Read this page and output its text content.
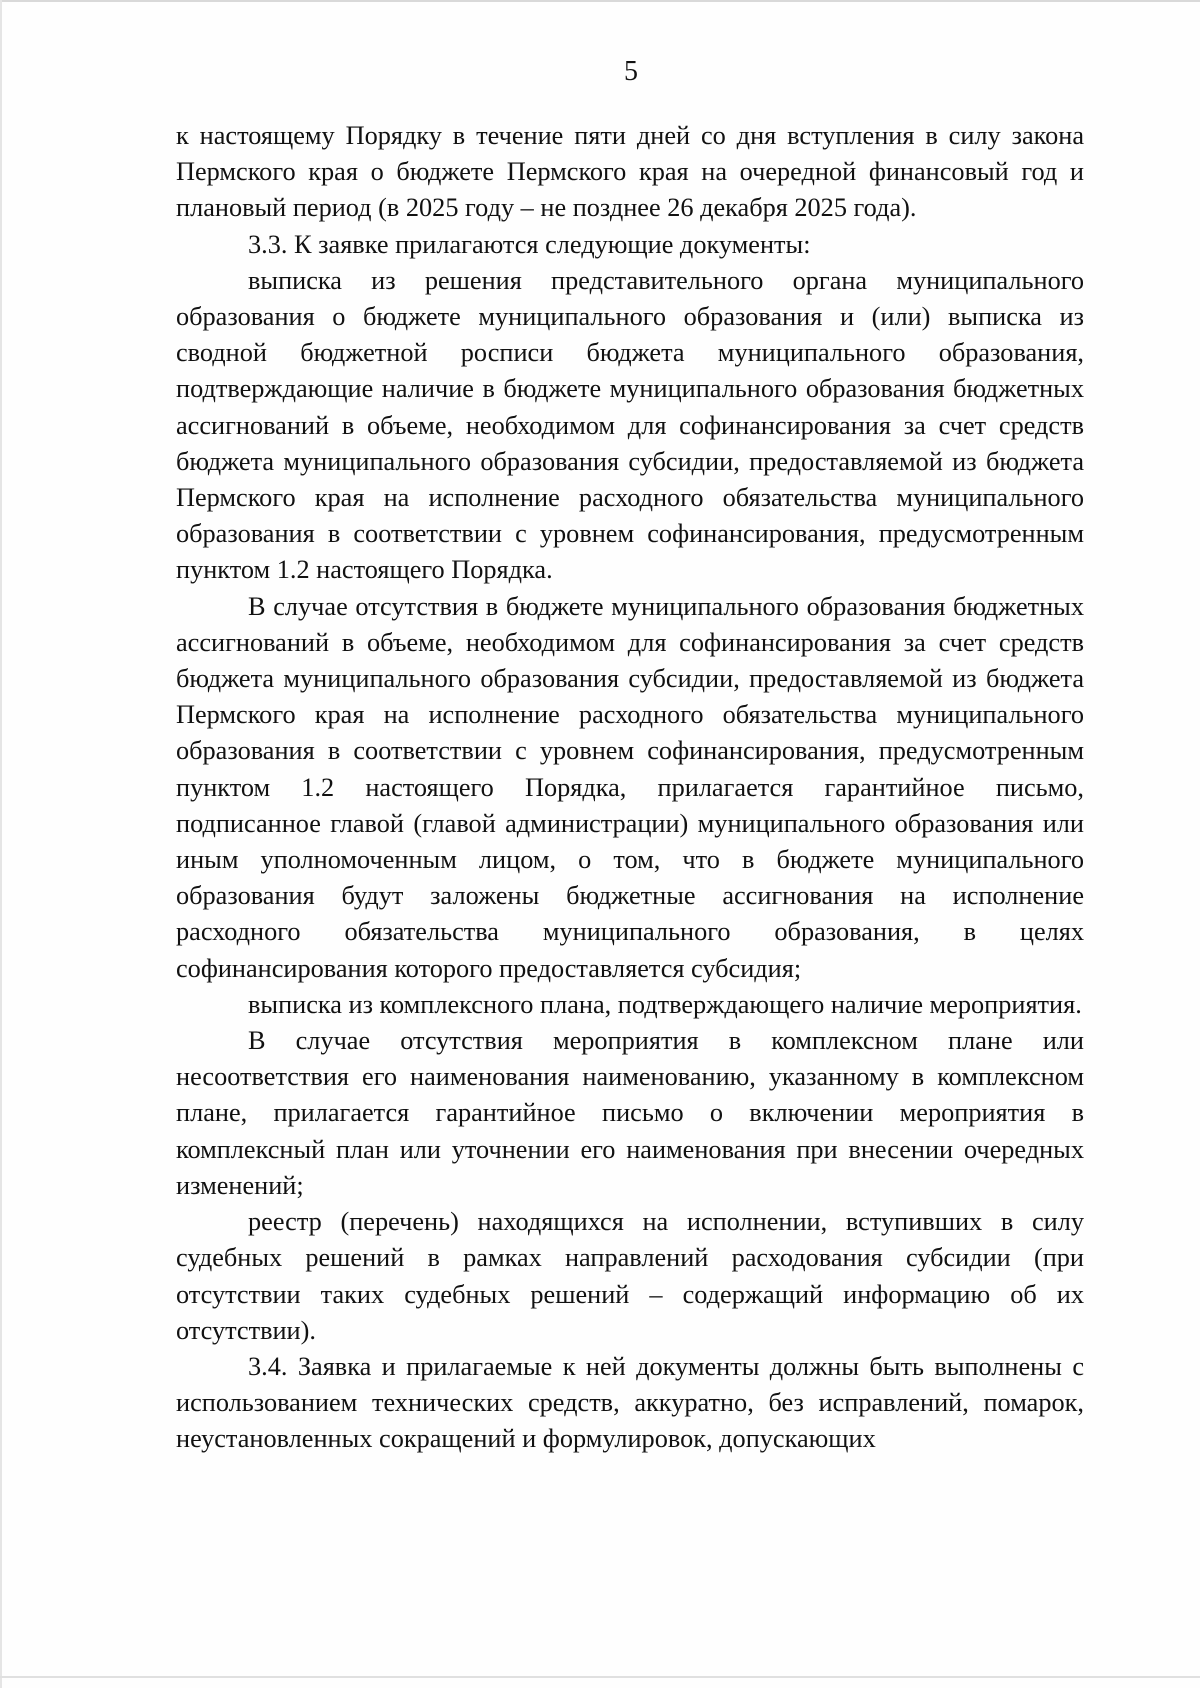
5

к настоящему Порядку в течение пяти дней со дня вступления в силу закона Пермского края о бюджете Пермского края на очередной финансовый год и плановый период (в 2025 году – не позднее 26 декабря 2025 года).

3.3. К заявке прилагаются следующие документы:

выписка из решения представительного органа муниципального образования о бюджете муниципального образования и (или) выписка из сводной бюджетной росписи бюджета муниципального образования, подтверждающие наличие в бюджете муниципального образования бюджетных ассигнований в объеме, необходимом для софинансирования за счет средств бюджета муниципального образования субсидии, предоставляемой из бюджета Пермского края на исполнение расходного обязательства муниципального образования в соответствии с уровнем софинансирования, предусмотренным пунктом 1.2 настоящего Порядка.

В случае отсутствия в бюджете муниципального образования бюджетных ассигнований в объеме, необходимом для софинансирования за счет средств бюджета муниципального образования субсидии, предоставляемой из бюджета Пермского края на исполнение расходного обязательства муниципального образования в соответствии с уровнем софинансирования, предусмотренным пунктом 1.2 настоящего Порядка, прилагается гарантийное письмо, подписанное главой (главой администрации) муниципального образования или иным уполномоченным лицом, о том, что в бюджете муниципального образования будут заложены бюджетные ассигнования на исполнение расходного обязательства муниципального образования, в целях софинансирования которого предоставляется субсидия;

выписка из комплексного плана, подтверждающего наличие мероприятия.

В случае отсутствия мероприятия в комплексном плане или несоответствия его наименования наименованию, указанному в комплексном плане, прилагается гарантийное письмо о включении мероприятия в комплексный план или уточнении его наименования при внесении очередных изменений;

реестр (перечень) находящихся на исполнении, вступивших в силу судебных решений в рамках направлений расходования субсидии (при отсутствии таких судебных решений – содержащий информацию об их отсутствии).

3.4. Заявка и прилагаемые к ней документы должны быть выполнены с использованием технических средств, аккуратно, без исправлений, помарок, неустановленных сокращений и формулировок, допускающих
